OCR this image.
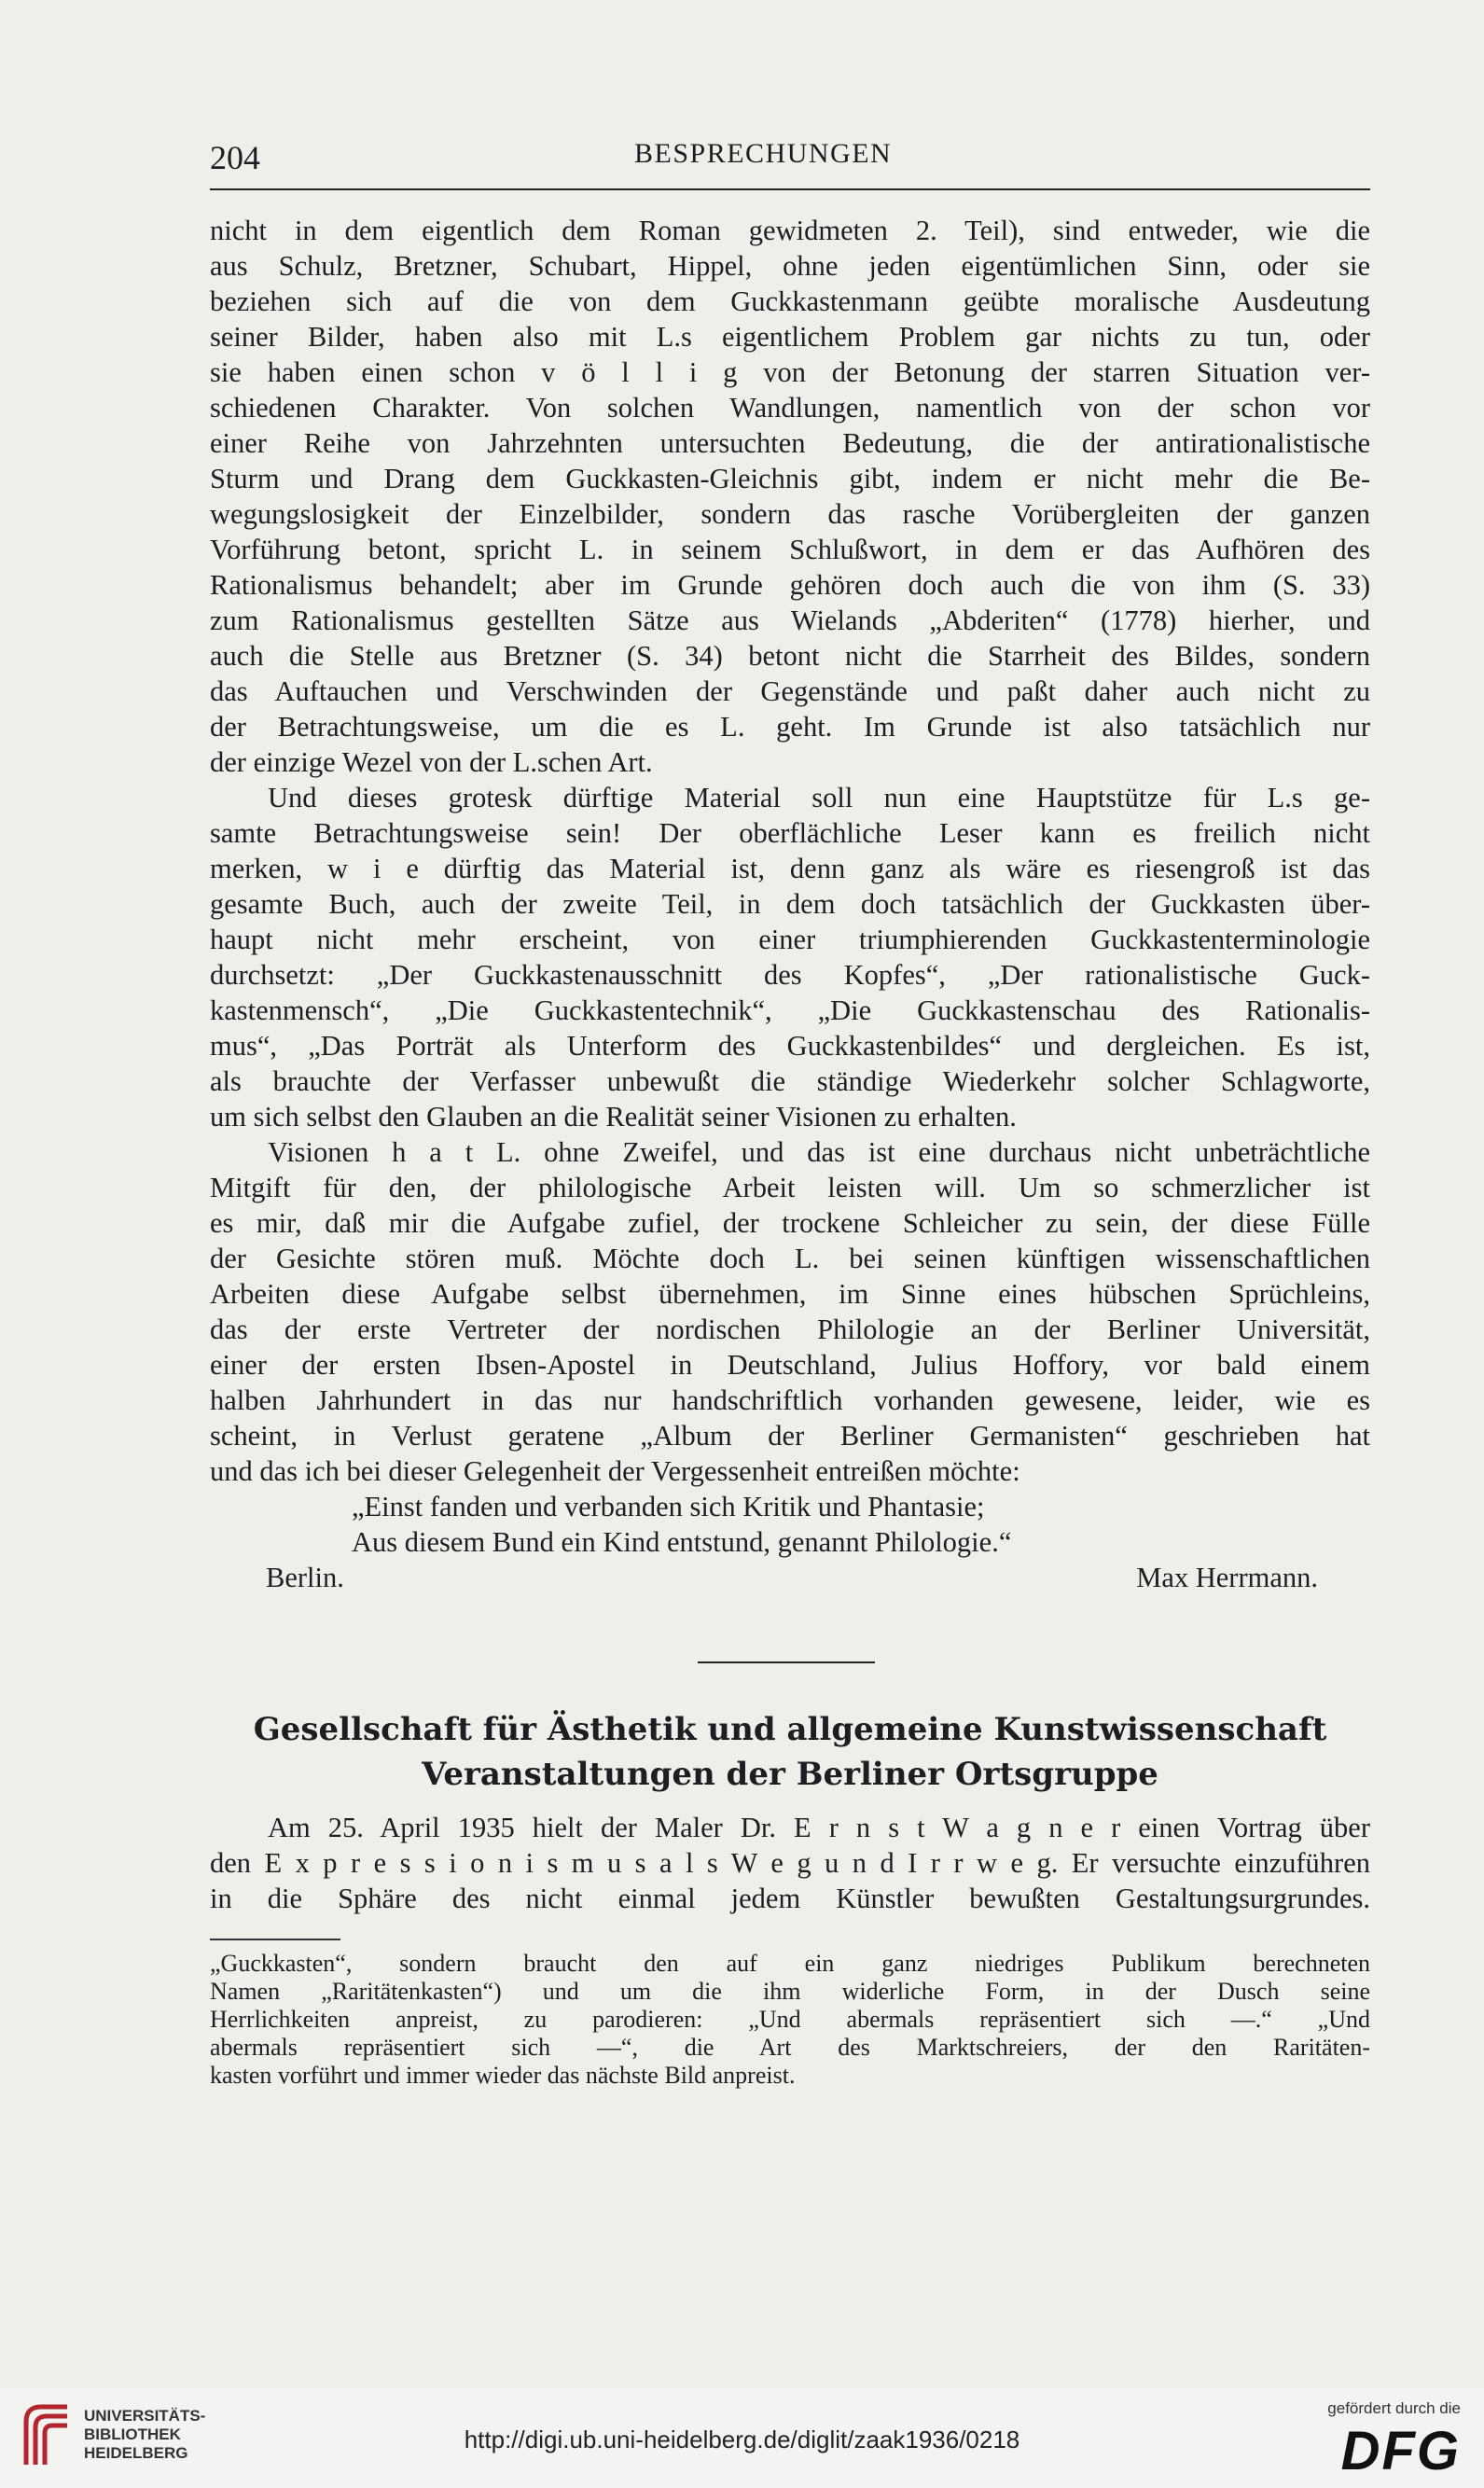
204	BESPRECHUNGEN
nicht in dem eigentlich dem Roman gewidmeten 2. Teil), sind entweder, wie die
aus Schulz, Bretzner, Schubart, Hippel, ohne jeden eigentümlichen Sinn, oder sie
beziehen sich auf die von dem Guckkastenmann geübte moralische Ausdeutung
seiner Bilder, haben also mit L.s eigentlichem Problem gar nichts zu tun, oder
sie haben einen schon v ö l l i g von der Betonung der starren Situation ver-
schiedenen Charakter. Von solchen Wandlungen, namentlich von der schon vor
einer Reihe von Jahrzehnten untersuchten Bedeutung, die der antirationalistische
Sturm und Drang dem Guckkasten-Gleichnis gibt, indem er nicht mehr die Be-
wegungslosigkeit der Einzelbilder, sondern das rasche Vorübergleiten der ganzen
Vorführung betont, spricht L. in seinem Schlußwort, in dem er das Aufhören des
Rationalismus behandelt; aber im Grunde gehören doch auch die von ihm (S. 33)
zum Rationalismus gestellten Sätze aus Wielands „Abderiten“ (1778) hierher, und
auch die Stelle aus Bretzner (S. 34) betont nicht die Starrheit des Bildes, sondern
das Auftauchen und Verschwinden der Gegenstände und paßt daher auch nicht zu
der Betrachtungsweise, um die es L. geht. Im Grunde ist also tatsächlich nur
der einzige Wezel von der L.schen Art.
Und dieses grotesk dürftige Material soll nun eine Hauptstütze für L.s ge-
samte Betrachtungsweise sein! Der oberflächliche Leser kann es freilich nicht
merken, w i e dürftig das Material ist, denn ganz als wäre es riesengroß ist das
gesamte Buch, auch der zweite Teil, in dem doch tatsächlich der Guckkasten über-
haupt nicht mehr erscheint, von einer triumphierenden Guckkastenterminologie
durchsetzt: „Der Guckkastenausschnitt des Kopfes“, „Der rationalistische Guck-
kastenmensch“, „Die Guckkastentechnik“, „Die Guckkastenschau des Rationalis-
mus“, „Das Porträt als Unterform des Guckkastenbildes“ und dergleichen. Es ist,
als brauchte der Verfasser unbewußt die ständige Wiederkehr solcher Schlagworte,
um sich selbst den Glauben an die Realität seiner Visionen zu erhalten.
Visionen h a t L. ohne Zweifel, und das ist eine durchaus nicht unbeträchtliche
Mitgift für den, der philologische Arbeit leisten will. Um so schmerzlicher ist
es mir, daß mir die Aufgabe zufiel, der trockene Schleicher zu sein, der diese Fülle
der Gesichte stören muß. Möchte doch L. bei seinen künftigen wissenschaftlichen
Arbeiten diese Aufgabe selbst übernehmen, im Sinne eines hübschen Sprüchleins,
das der erste Vertreter der nordischen Philologie an der Berliner Universität,
einer der ersten Ibsen-Apostel in Deutschland, Julius Hoffory, vor bald einem
halben Jahrhundert in das nur handschriftlich vorhanden gewesene, leider, wie es
scheint, in Verlust geratene „Album der Berliner Germanisten“ geschrieben hat
und das ich bei dieser Gelegenheit der Vergessenheit entreißen möchte:
„Einst fanden und verbanden sich Kritik und Phantasie;
Aus diesem Bund ein Kind entstund, genannt Philologie.“
Berlin.	Max Herrmann.
Gesellschaft für Ästhetik und allgemeine Kunstwissenschaft
Veranstaltungen der Berliner Ortsgruppe
Am 25. April 1935 hielt der Maler Dr. E r n s t W a g n e r einen Vortrag über
den E x p r e s s i o n i s m u s a l s W e g u n d I r r w e g. Er versuchte einzuführen
in die Sphäre des nicht einmal jedem Künstler bewußten Gestaltungsurgrundes.
„Guckkasten“, sondern braucht den auf ein ganz niedriges Publikum berechneten
Namen „Raritätenkasten“) und um die ihm widerliche Form, in der Dusch seine
Herrlichkeiten anpreist, zu parodieren: „Und abermals repräsentiert sich —.“ „Und
abermals repräsentiert sich —“, die Art des Marktschreiers, der den Raritäten-
kasten vorführt und immer wieder das nächste Bild anpreist.
UNIVERSITÄTS-
BIBLIOTHEK
HEIDELBERG	http://digi.ub.uni-heidelberg.de/diglit/zaak1936/0218
gefördert durch die
DFG
